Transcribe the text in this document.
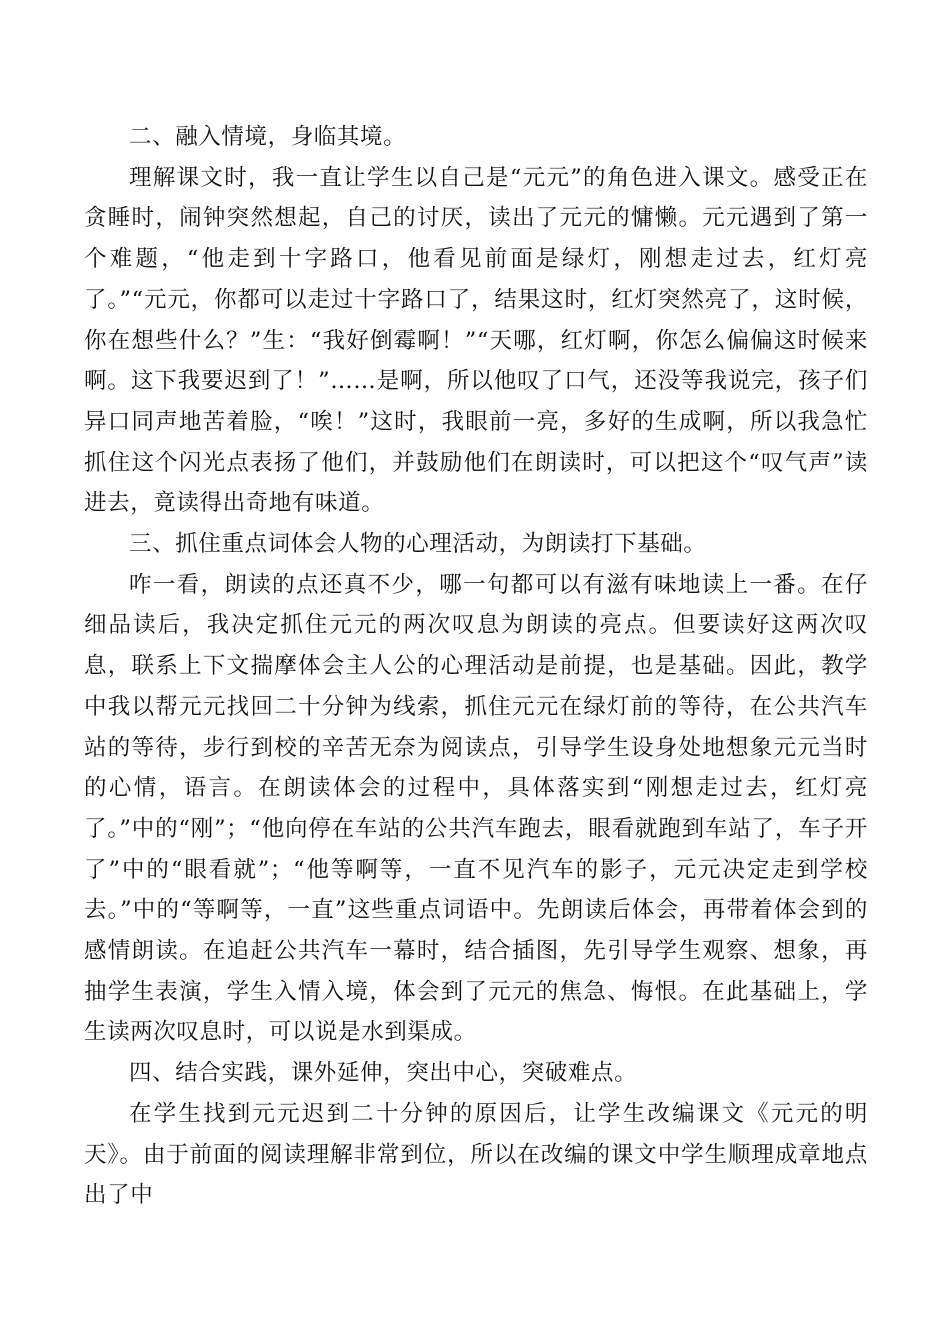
二、融入情境，身临其境。

理解课文时，我一直让学生以自己是“元元”的角色进入课文。感受正在贪睡时，闹钟突然想起，自己的讨厌，读出了元元的慵懒。元元遇到了第一个难题，“他走到十字路口，他看见前面是绿灯，刚想走过去，红灯亮了。”“元元，你都可以走过十字路口了，结果这时，红灯突然亮了，这时候，你在想些什么？”生：“我好倒霉啊！”“天哪，红灯啊，你怎么偏偏这时候来啊。这下我要迟到了！”……是啊，所以他叹了口气，还没等我说完，孩子们异口同声地苦着脸，“唉！”这时，我眼前一亮，多好的生成啊，所以我急忙抓住这个闪光点表扬了他们，并鼓励他们在朗读时，可以把这个“叹气声”读进去，竟读得出奇地有味道。

三、抓住重点词体会人物的心理活动，为朗读打下基础。

咋一看，朗读的点还真不少，哪一句都可以有滋有味地读上一番。在仔细品读后，我决定抓住元元的两次叹息为朗读的亮点。但要读好这两次叹息，联系上下文揣摩体会主人公的心理活动是前提，也是基础。因此，教学中我以帮元元找回二十分钟为线索，抓住元元在绿灯前的等待，在公共汽车站的等待，步行到校的辛苦无奈为阅读点，引导学生设身处地想象元元当时的心情，语言。在朗读体会的过程中，具体落实到“刚想走过去，红灯亮了。”中的“刚”；“他向停在车站的公共汽车跑去，眼看就跑到车站了，车子开了”中的“眼看就”；“他等啊等，一直不见汽车的影子，元元决定走到学校去。”中的“等啊等，一直”这些重点词语中。先朗读后体会，再带着体会到的感情朗读。在追赶公共汽车一幕时，结合插图，先引导学生观察、想象，再抽学生表演，学生入情入境，体会到了元元的焦急、悔恨。在此基础上，学生读两次叹息时，可以说是水到渠成。

四、结合实践，课外延伸，突出中心，突破难点。

在学生找到元元迟到二十分钟的原因后，让学生改编课文《元元的明天》。由于前面的阅读理解非常到位，所以在改编的课文中学生顺理成章地点出了中
